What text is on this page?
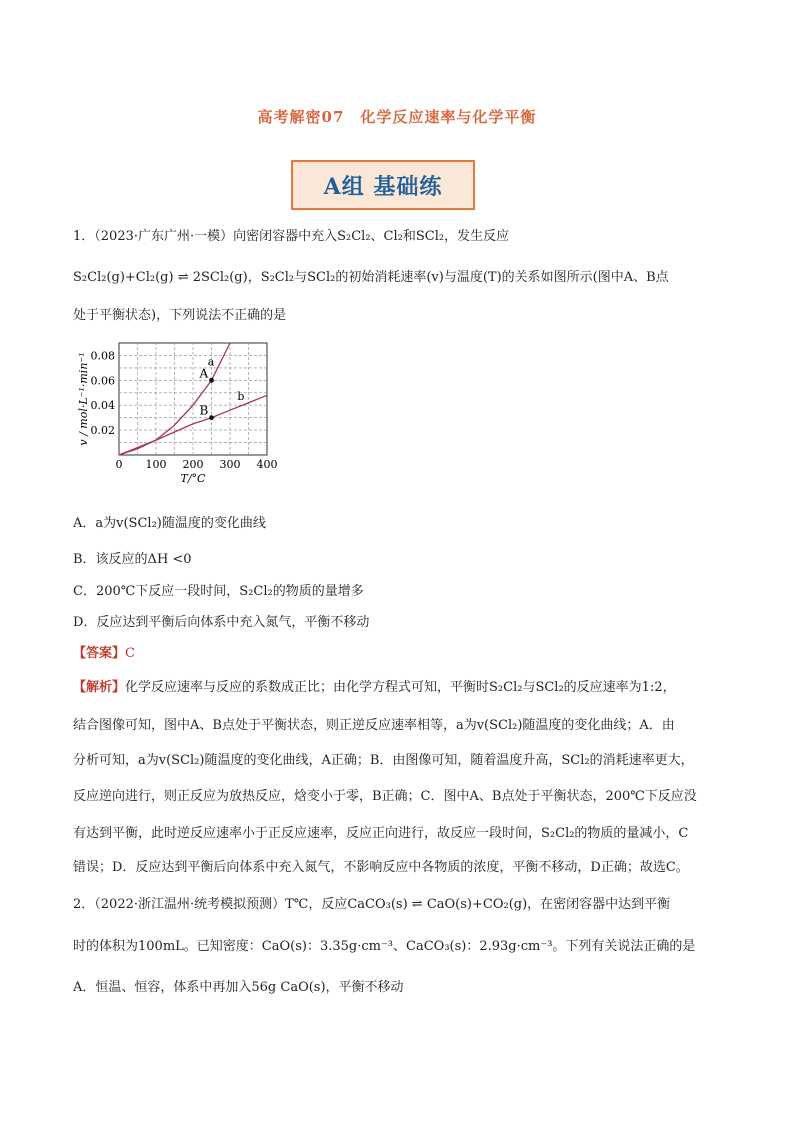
高考解密07　化学反应速率与化学平衡
A组 基础练
1．（2023·广东广州·一模）向密闭容器中充入S₂Cl₂、Cl₂和SCl₂，发生反应
S₂Cl₂(g)+Cl₂(g) ⇌ 2SCl₂(g)，S₂Cl₂与SCl₂的初始消耗速率(v)与温度(T)的关系如图所示(图中A、B点
处于平衡状态)，下列说法不正确的是
a
b
A
B
0 100 200 300 400
0.02
0.04
0.06
0.08
v / mol·L⁻¹·min⁻¹
T/°C
A．a为v(SCl₂)随温度的变化曲线
B．该反应的ΔH <0
C．200℃下反应一段时间，S₂Cl₂的物质的量增多
D．反应达到平衡后向体系中充入氮气，平衡不移动
【答案】C
【解析】化学反应速率与反应的系数成正比；由化学方程式可知，平衡时S₂Cl₂与SCl₂的反应速率为1:2，
结合图像可知，图中A、B点处于平衡状态，则正逆反应速率相等，a为v(SCl₂)随温度的变化曲线；A．由
分析可知，a为v(SCl₂)随温度的变化曲线，A正确；B．由图像可知，随着温度升高，SCl₂的消耗速率更大，
反应逆向进行，则正反应为放热反应，焓变小于零，B正确；C．图中A、B点处于平衡状态，200℃下反应没
有达到平衡，此时逆反应速率小于正反应速率，反应正向进行，故反应一段时间，S₂Cl₂的物质的量减小，C
错误；D．反应达到平衡后向体系中充入氮气，不影响反应中各物质的浓度，平衡不移动，D正确；故选C。
2．（2022·浙江温州·统考模拟预测）T℃，反应CaCO₃(s) ⇌ CaO(s)+CO₂(g)，在密闭容器中达到平衡
时的体积为100mL。已知密度：CaO(s)：3.35g·cm⁻³、CaCO₃(s)：2.93g·cm⁻³。下列有关说法正确的是
A．恒温、恒容，体系中再加入56g CaO(s)，平衡不移动
